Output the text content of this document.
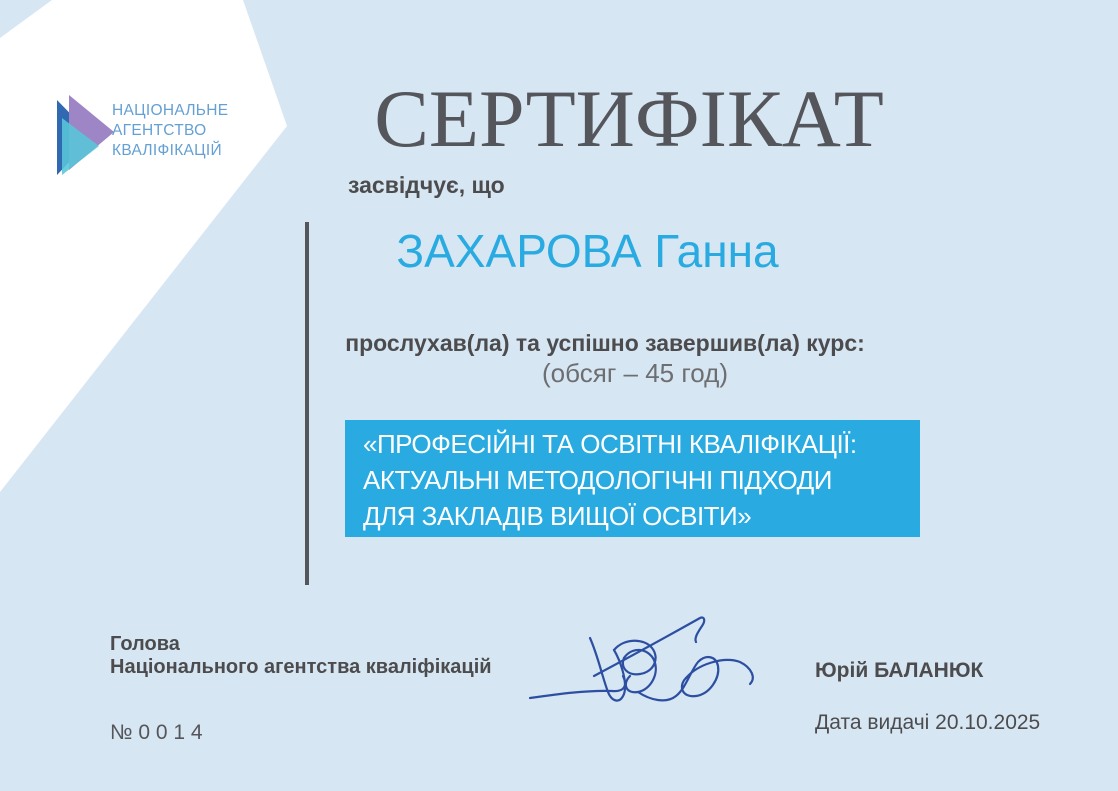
НАЦІОНАЛЬНЕ
АГЕНТСТВО
КВАЛІФІКАЦІЙ	СЕРТИФІКАТ
засвідчує, що
ЗАХАРОВА Ганна
прослухав(ла) та успішно завершив(ла) курс:
(обсяг – 45 год)
«ПРОФЕСІЙНІ ТА ОСВІТНІ КВАЛІФІКАЦІЇ:
АКТУАЛЬНІ МЕТОДОЛОГІЧНІ ПІДХОДИ
ДЛЯ ЗАКЛАДІВ ВИЩОЇ ОСВІТИ»
Голова
Національного агентства кваліфікацій	Юрій БАЛАНЮК
№ 0 0 1 4	Дата видачі 20.10.2025
